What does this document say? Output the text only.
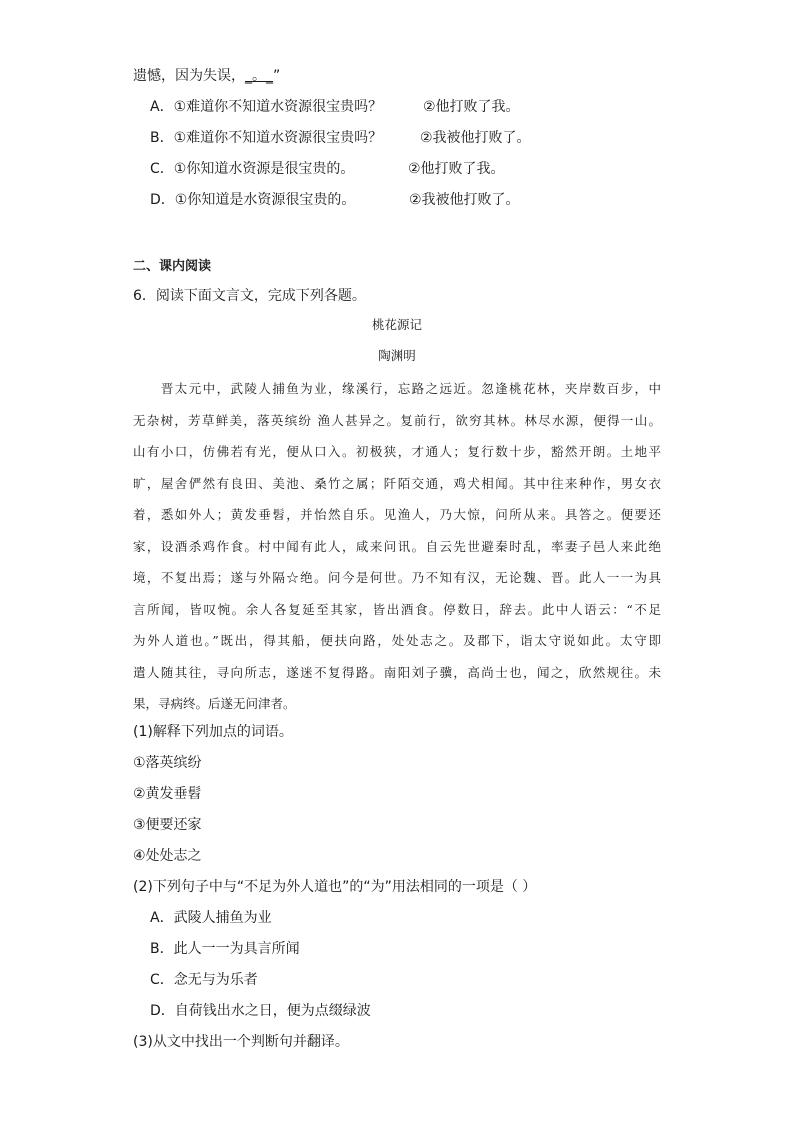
遗憾，因为失误，_。_”
A．①难道你不知道水资源很宝贵吗？	②他打败了我。
B．①难道你不知道水资源很宝贵吗？	②我被他打败了。
C．①你知道水资源是很宝贵的。	②他打败了我。
D．①你知道是水资源很宝贵的。	②我被他打败了。
二、课内阅读
6．阅读下面文言文，完成下列各题。
桃花源记
陶渊明
　　晋太元中，武陵人捕鱼为业，缘溪行，忘路之远近。忽逢桃花林，夹岸数百步，中
无杂树，芳草鲜美，落英缤纷 渔人甚异之。复前行，欲穷其林。林尽水源，便得一山。
山有小口，仿佛若有光，便从口入。初极狭，才通人；复行数十步，豁然开朗。土地平
旷，屋舍俨然有良田、美池、桑竹之属；阡陌交通，鸡犬相闻。其中往来种作，男女衣
着，悉如外人；黄发垂髫，并怡然自乐。见渔人，乃大惊，问所从来。具答之。便要还
家，设酒杀鸡作食。村中闻有此人，咸来问讯。自云先世避秦时乱，率妻子邑人来此绝
境，不复出焉；遂与外隔☆绝。问今是何世。乃不知有汉，无论魏、晋。此人一一为具
言所闻，皆叹惋。余人各复延至其家，皆出酒食。停数日，辞去。此中人语云：“不足
为外人道也。”既出，得其船，便扶向路，处处志之。及郡下，诣太守说如此。太守即
遣人随其往，寻向所志，遂迷不复得路。南阳刘子骥，高尚士也，闻之，欣然规往。未
果，寻病终。后遂无问津者。
(1)解释下列加点的词语。
①落英缤纷
②黄发垂髫
③便要还家
④处处志之
(2)下列句子中与“不足为外人道也”的“为”用法相同的一项是（ ）
A．武陵人捕鱼为业
B．此人一一为具言所闻
C．念无与为乐者
D．自荷钱出水之日，便为点缀绿波
(3)从文中找出一个判断句并翻译。
